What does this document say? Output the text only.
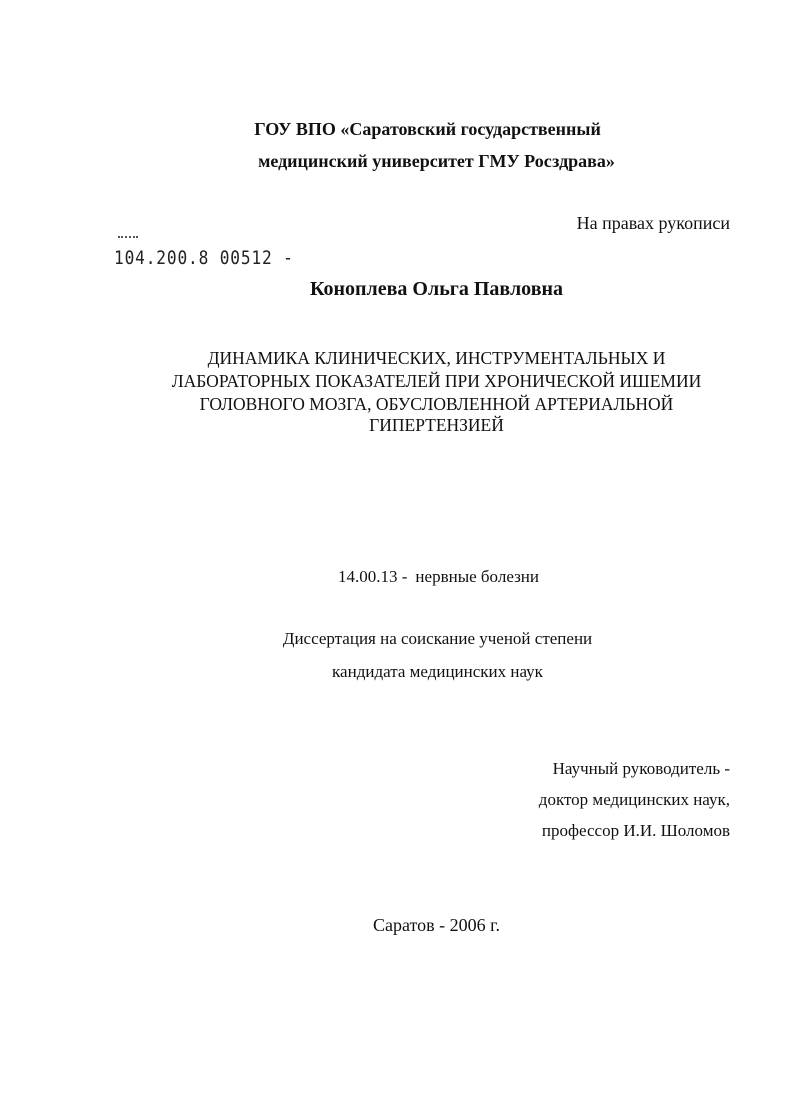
ГОУ ВПО «Саратовский государственный
медицинский университет ГМУ Росздрава»
На правах рукописи
104.200.8 00512 -
Коноплева Ольга Павловна
ДИНАМИКА КЛИНИЧЕСКИХ, ИНСТРУМЕНТАЛЬНЫХ И
ЛАБОРАТОРНЫХ ПОКАЗАТЕЛЕЙ ПРИ ХРОНИЧЕСКОЙ ИШЕМИИ
ГОЛОВНОГО МОЗГА, ОБУСЛОВЛЕННОЙ АРТЕРИАЛЬНОЙ
ГИПЕРТЕНЗИЕЙ
14.00.13 - нервные болезни
Диссертация на соискание ученой степени
кандидата медицинских наук
Научный руководитель -
доктор медицинских наук,
профессор И.И. Шоломов
Саратов - 2006 г.
